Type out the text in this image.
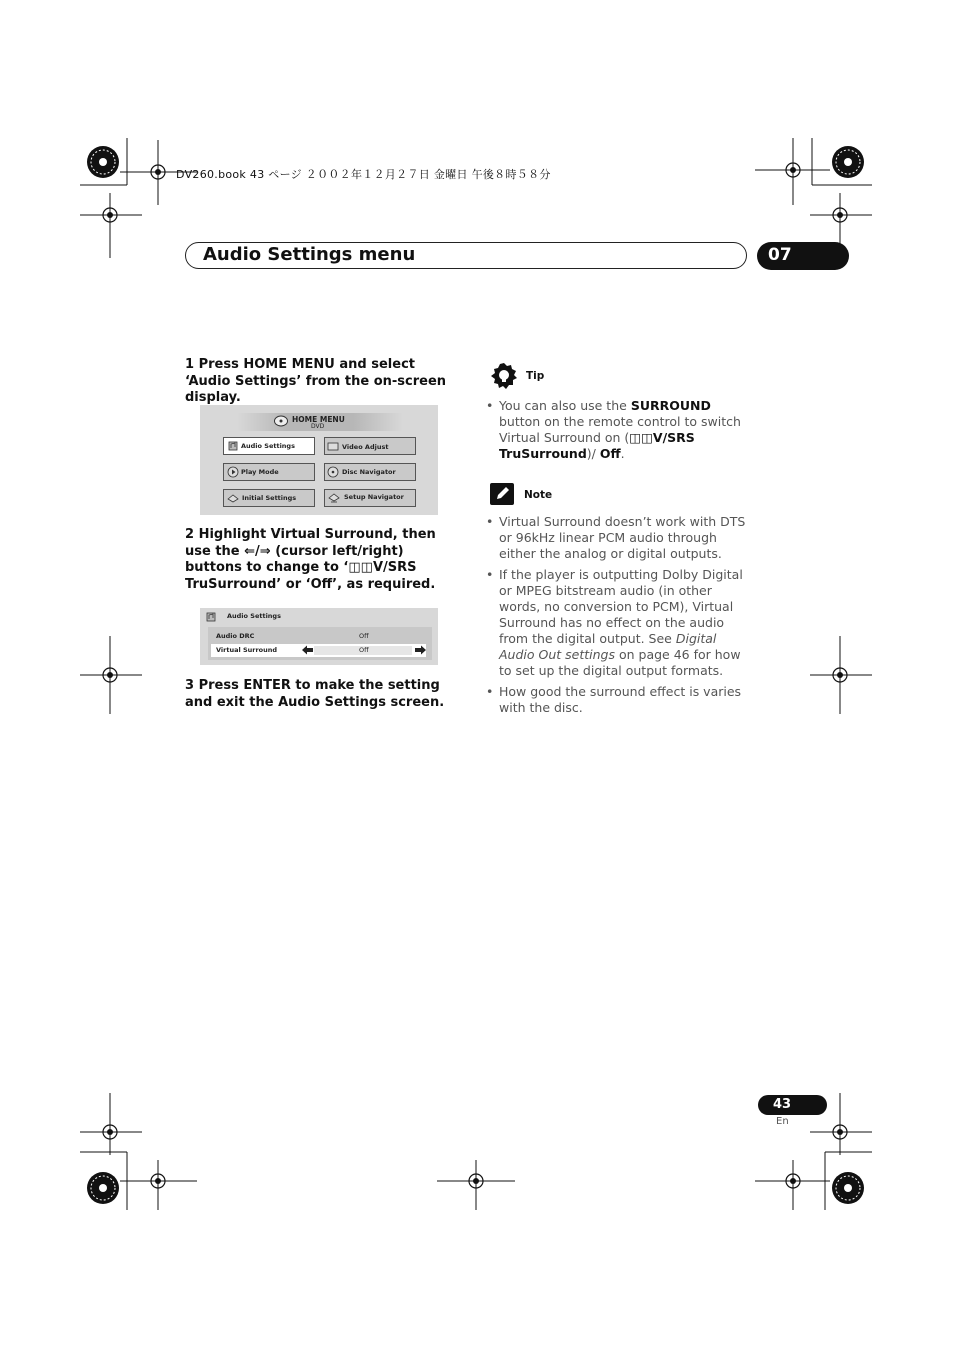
DV260.book 43 ページ ２００２年１２月２７日 金曜日 午後８時５８分
Audio Settings menu	07
1 Press HOME MENU and select ‘Audio Settings’ from the on-screen display.
HOME MENU
DVD
Audio Settings	Video Adjust
Play Mode	Disc Navigator
Initial Settings	Setup Navigator
2 Highlight Virtual Surround, then use the ⇐/⇒ (cursor left/right) buttons to change to ‘◫◫V/SRS TruSurround’ or ‘Off’, as required.
Audio Settings
Audio DRC	Off
Virtual Surround	Off
3 Press ENTER to make the setting and exit the Audio Settings screen.
Tip
• You can also use the SURROUND button on the remote control to switch Virtual Surround on (◫◫V/SRS TruSurround)/ Off.
Note
• Virtual Surround doesn’t work with DTS or 96kHz linear PCM audio through either the analog or digital outputs.
• If the player is outputting Dolby Digital or MPEG bitstream audio (in other words, no conversion to PCM), Virtual Surround has no effect on the audio from the digital output. See Digital Audio Out settings on page 46 for how to set up the digital output formats.
• How good the surround effect is varies with the disc.
43
En
